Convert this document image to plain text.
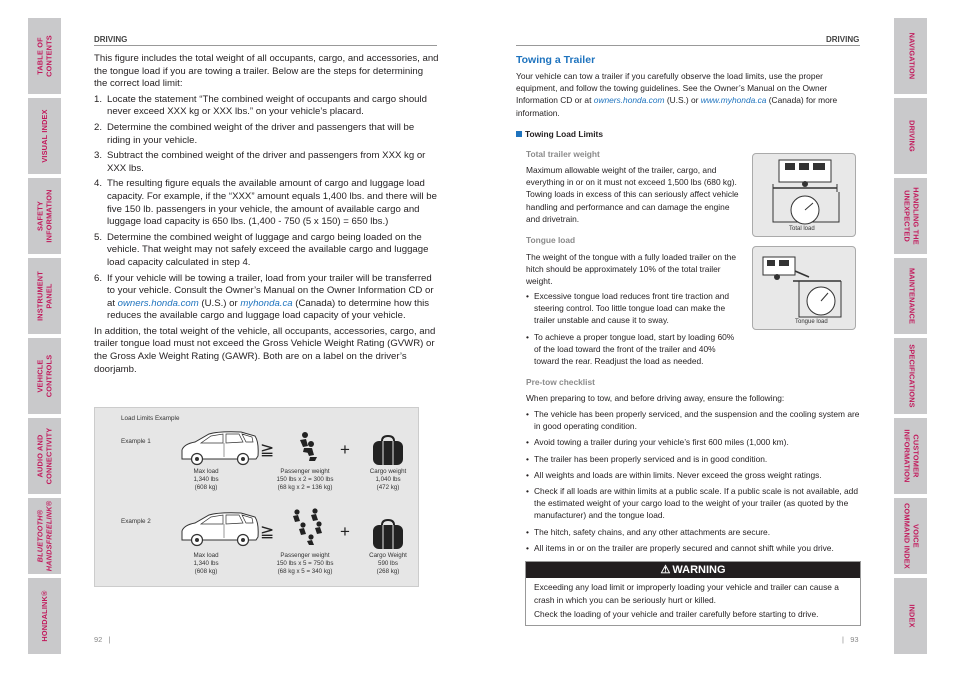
TABLE OF
CONTENTS
VISUAL INDEX
SAFETY
INFORMATION
INSTRUMENT
PANEL
VEHICLE
CONTROLS
AUDIO AND
CONNECTIVITY
BLUETOOTH®
HANDSFREELINK®
HONDALINK®
NAVIGATION
DRIVING
HANDLING THE
UNEXPECTED
MAINTENANCE
SPECIFICATIONS
CUSTOMER
INFORMATION
VOICE
COMMAND INDEX
INDEX
DRIVING

This figure includes the total weight of all occupants, cargo, and accessories, and the tongue load if you are towing a trailer. Below are the steps for determining the correct load limit:

1. Locate the statement “The combined weight of occupants and cargo should never exceed XXX kg or XXX lbs.” on your vehicle’s placard.
2. Determine the combined weight of the driver and passengers that will be riding in your vehicle.
3. Subtract the combined weight of the driver and passengers from XXX kg or XXX lbs.
4. The resulting figure equals the available amount of cargo and luggage load capacity. For example, if the “XXX” amount equals 1,400 lbs. and there will be five 150 lb. passengers in your vehicle, the amount of available cargo and luggage load capacity is 650 lbs. (1,400 - 750 (5 x 150) = 650 lbs.)
5. Determine the combined weight of luggage and cargo being loaded on the vehicle. That weight may not safely exceed the available cargo and luggage load capacity calculated in step 4.
6. If your vehicle will be towing a trailer, load from your trailer will be transferred to your vehicle. Consult the Owner’s Manual on the Owner Information CD or at owners.honda.com (U.S.) or myhonda.ca (Canada) to determine how this reduces the available cargo and luggage load capacity of your vehicle.

In addition, the total weight of the vehicle, all occupants, accessories, cargo, and trailer tongue load must not exceed the Gross Vehicle Weight Rating (GVWR) or the Gross Axle Weight Rating (GAWR). Both are on a label on the driver’s doorjamb.

Load Limits Example
Example 1	≧	+
Max load
1,340 lbs
(608 kg)
Passenger weight
150 lbs x 2 = 300 lbs
(68 kg x 2 = 136 kg)
Cargo weight
1,040 lbs
(472 kg)
Example 2
≧	+
Max load
1,340 lbs
(608 kg)
Passenger weight
150 lbs x 5 = 750 lbs
(68 kg x 5 = 340 kg)
Cargo Weight
590 lbs
(268 kg)
92   |
DRIVING
Towing a Trailer
Your vehicle can tow a trailer if you carefully observe the load limits, use the proper equipment, and follow the towing guidelines. See the Owner’s Manual on the Owner Information CD or at owners.honda.com (U.S.) or www.myhonda.ca (Canada) for more information.
Towing Load Limits
Total trailer weight
Maximum allowable weight of the trailer, cargo, and everything in or on it must not exceed 1,500 lbs (680 kg). Towing loads in excess of this can seriously affect vehicle handling and performance and can damage the engine and drivetrain.
Total load
Tongue load
The weight of the tongue with a fully loaded trailer on the hitch should be approximately 10% of the total trailer weight.
• Excessive tongue load reduces front tire traction and steering control. Too little tongue load can make the trailer unstable and cause it to sway.
• To achieve a proper tongue load, start by loading 60% of the load toward the front of the trailer and 40% toward the rear. Readjust the load as needed.
Tongue load
Pre-tow checklist
When preparing to tow, and before driving away, ensure the following:
• The vehicle has been properly serviced, and the suspension and the cooling system are in good operating condition.
• Avoid towing a trailer during your vehicle’s first 600 miles (1,000 km).
• The trailer has been properly serviced and is in good condition.
• All weights and loads are within limits. Never exceed the gross weight ratings.
• Check if all loads are within limits at a public scale. If a public scale is not available, add the estimated weight of your cargo load to the weight of your trailer (as quoted by the manufacturer) and the tongue load.
• The hitch, safety chains, and any other attachments are secure.
• All items in or on the trailer are properly secured and cannot shift while you drive.
⚠ WARNING

Exceeding any load limit or improperly loading your vehicle and trailer can cause a crash in which you can be seriously hurt or killed.

Check the loading of your vehicle and trailer carefully before starting to drive.

|   93
